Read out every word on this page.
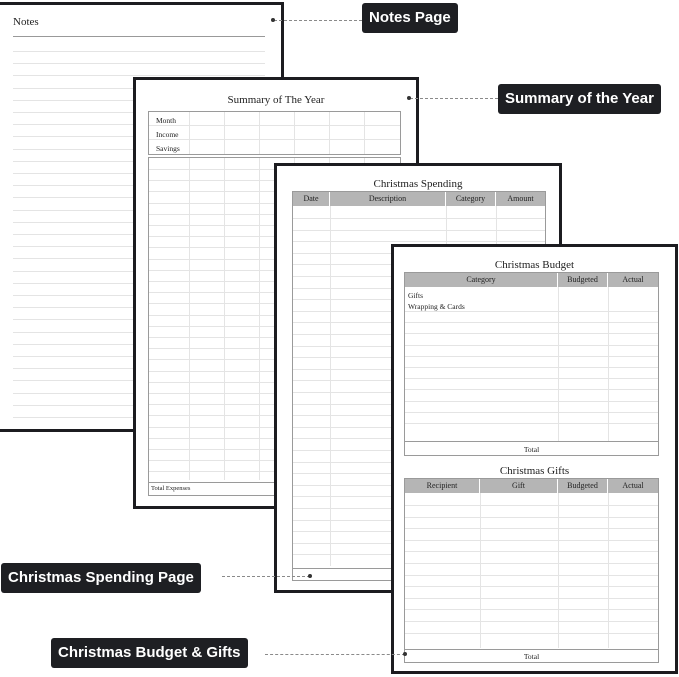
Notes
Summary of The Year
Month
Income
Savings
Total Expenses
Christmas Spending
Date	Description	Category	Amount
Christmas Budget
Category	Budgeted	Actual
Gifts
Wrapping & Cards
Total
Christmas Gifts
Recipient	Gift	Budgeted	Actual
Total
Notes Page
Summary of the Year
Christmas Spending Page
Christmas Budget & Gifts
